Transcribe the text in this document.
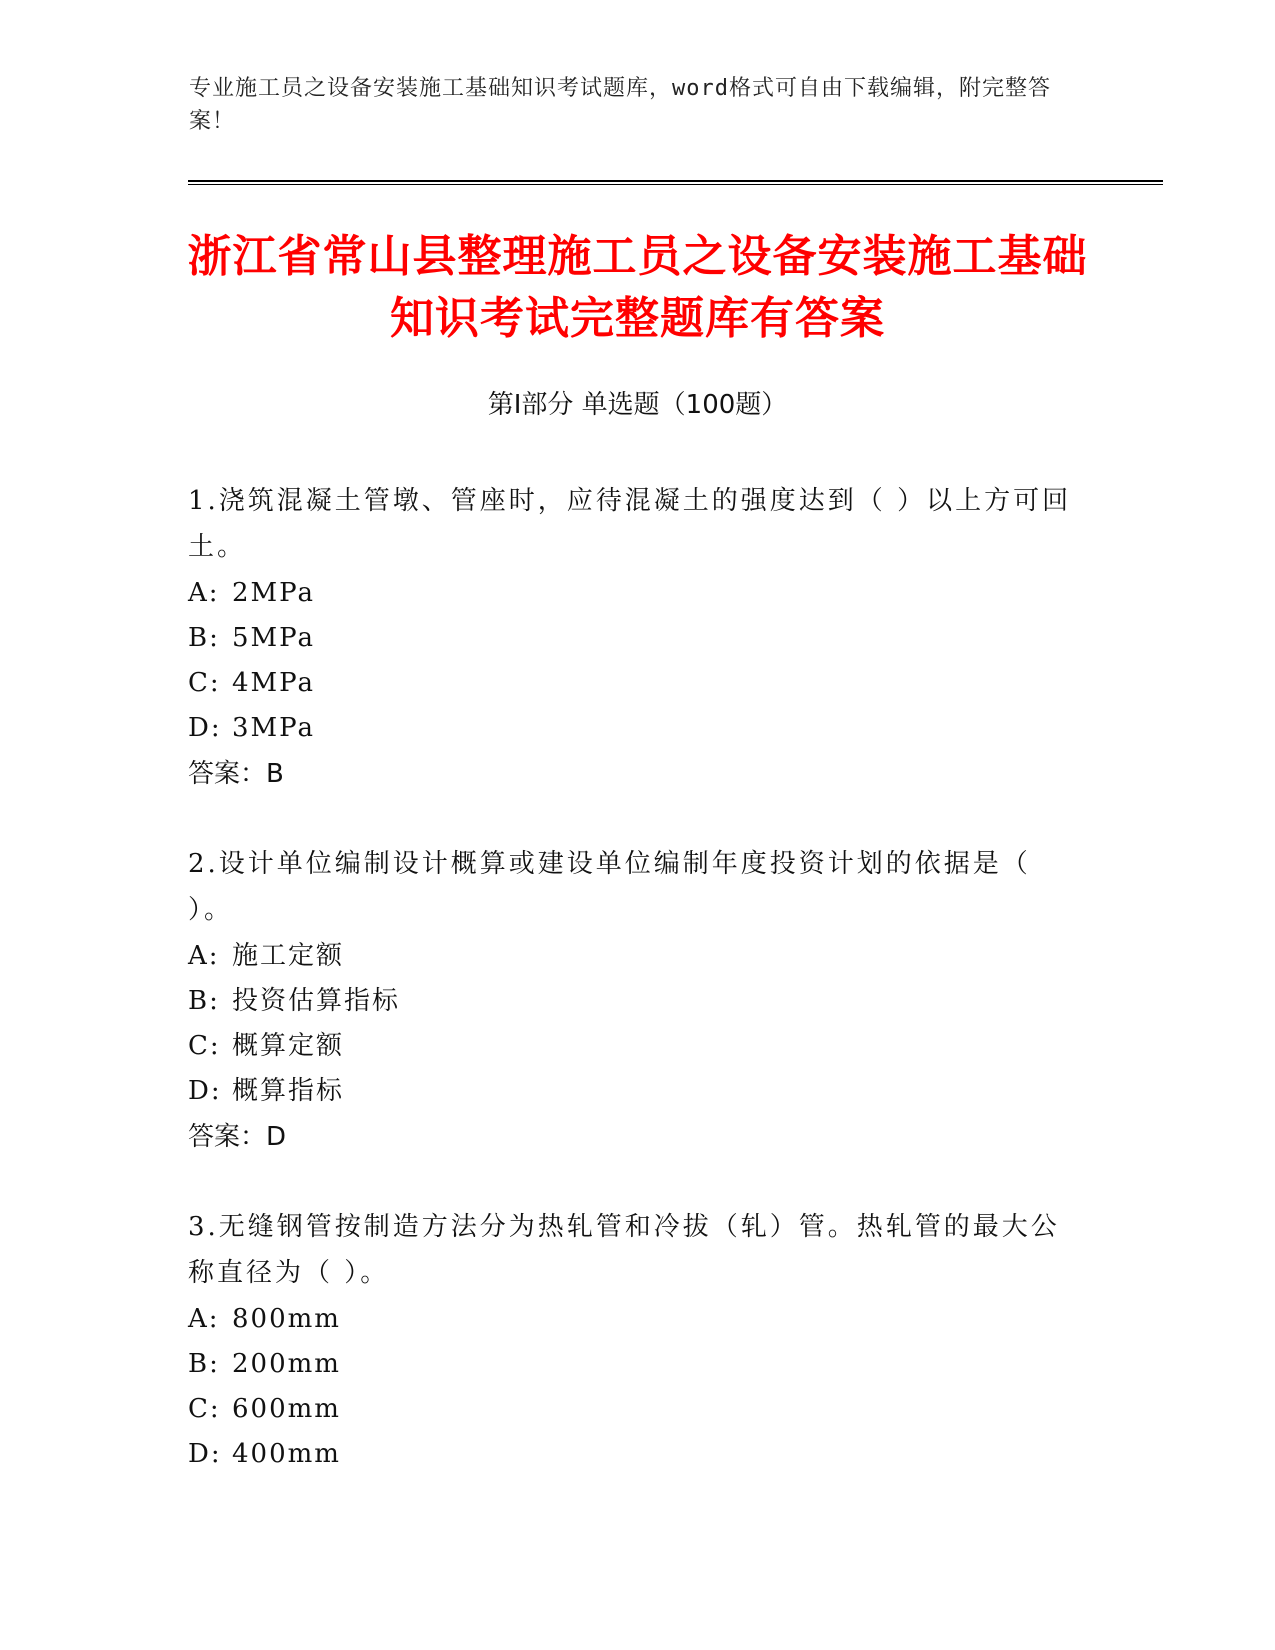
专业施工员之设备安装施工基础知识考试题库，word格式可自由下载编辑，附完整答案！
浙江省常山县整理施工员之设备安装施工基础知识考试完整题库有答案
第Ⅰ部分 单选题（100题）
1.浇筑混凝土管墩、管座时，应待混凝土的强度达到（ ）以上方可回土。
A: 2MPa
B: 5MPa
C: 4MPa
D: 3MPa
答案：B
2.设计单位编制设计概算或建设单位编制年度投资计划的依据是（ ）。
A: 施工定额
B: 投资估算指标
C: 概算定额
D: 概算指标
答案：D
3.无缝钢管按制造方法分为热轧管和冷拔（轧）管。热轧管的最大公称直径为（ ）。
A: 800mm
B: 200mm
C: 600mm
D: 400mm
